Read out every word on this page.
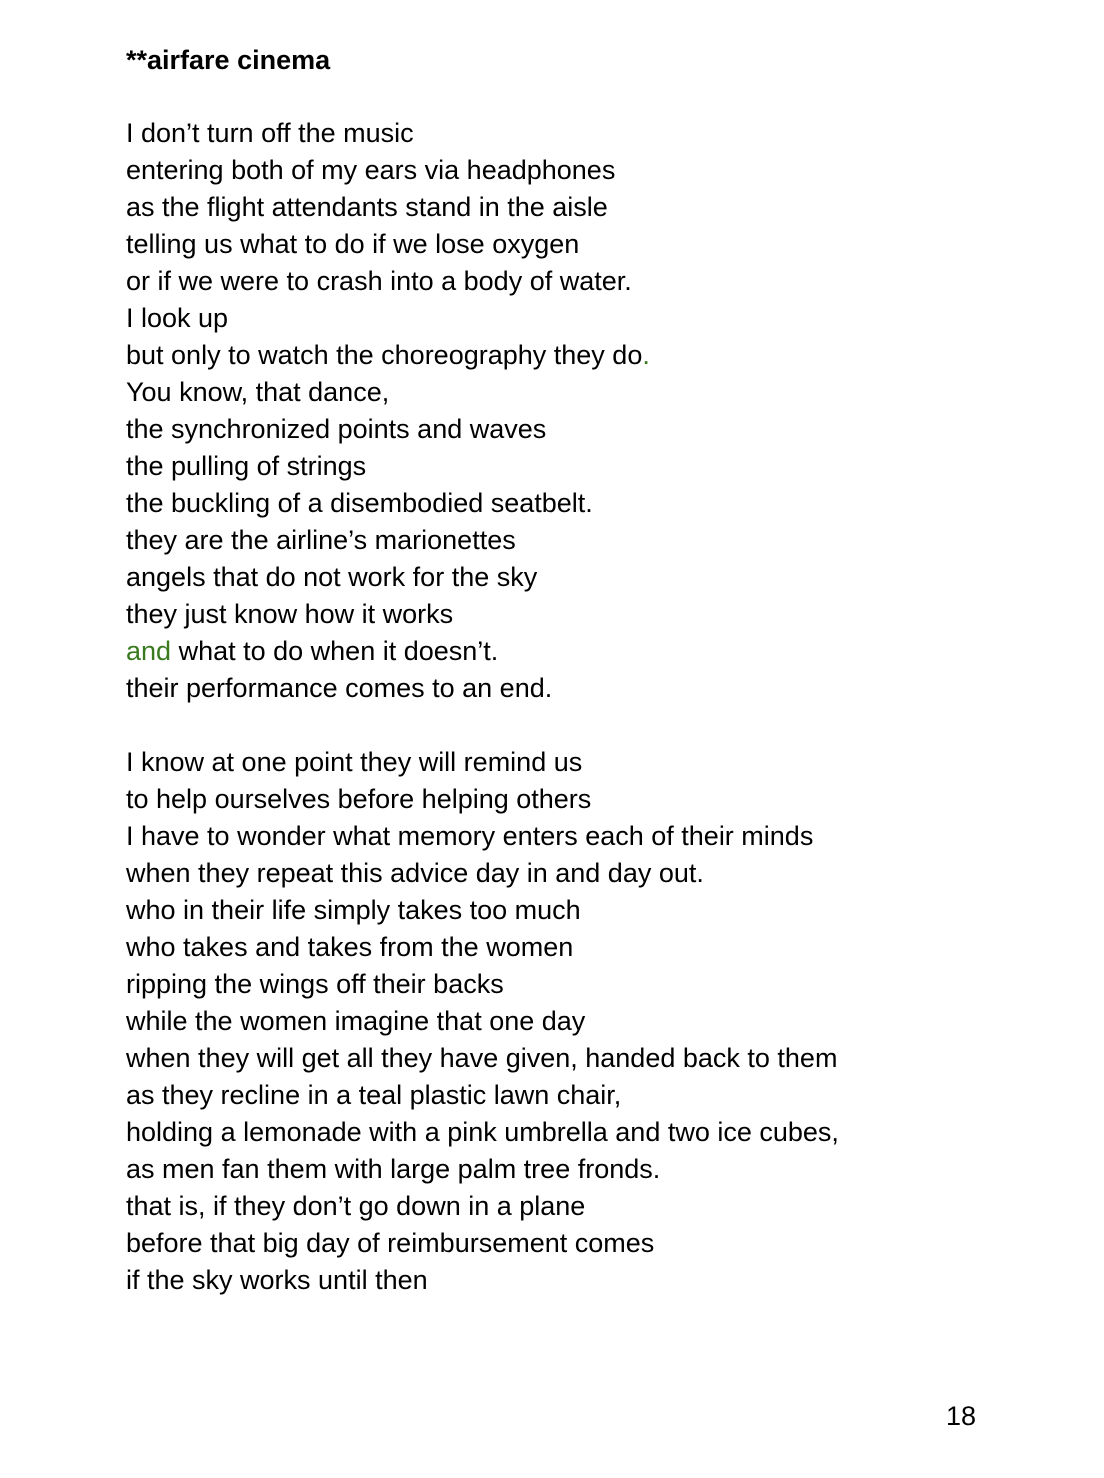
**airfare cinema
I don’t turn off the music
entering both of my ears via headphones
as the flight attendants stand in the aisle
telling us what to do if we lose oxygen
or if we were to crash into a body of water.
I look up
but only to watch the choreography they do.
You know, that dance,
the synchronized points and waves
the pulling of strings
the buckling of a disembodied seatbelt.
they are the airline’s marionettes
angels that do not work for the sky
they just know how it works
and what to do when it doesn’t.
their performance comes to an end.
I know at one point they will remind us
to help ourselves before helping others
I have to wonder what memory enters each of their minds
when they repeat this advice day in and day out.
who in their life simply takes too much
who takes and takes from the women
ripping the wings off their backs
while the women imagine that one day
when they will get all they have given, handed back to them
as they recline in a teal plastic lawn chair,
holding a lemonade with a pink umbrella and two ice cubes,
as men fan them with large palm tree fronds.
that is, if they don’t go down in a plane
before that big day of reimbursement comes
if the sky works until then
18
